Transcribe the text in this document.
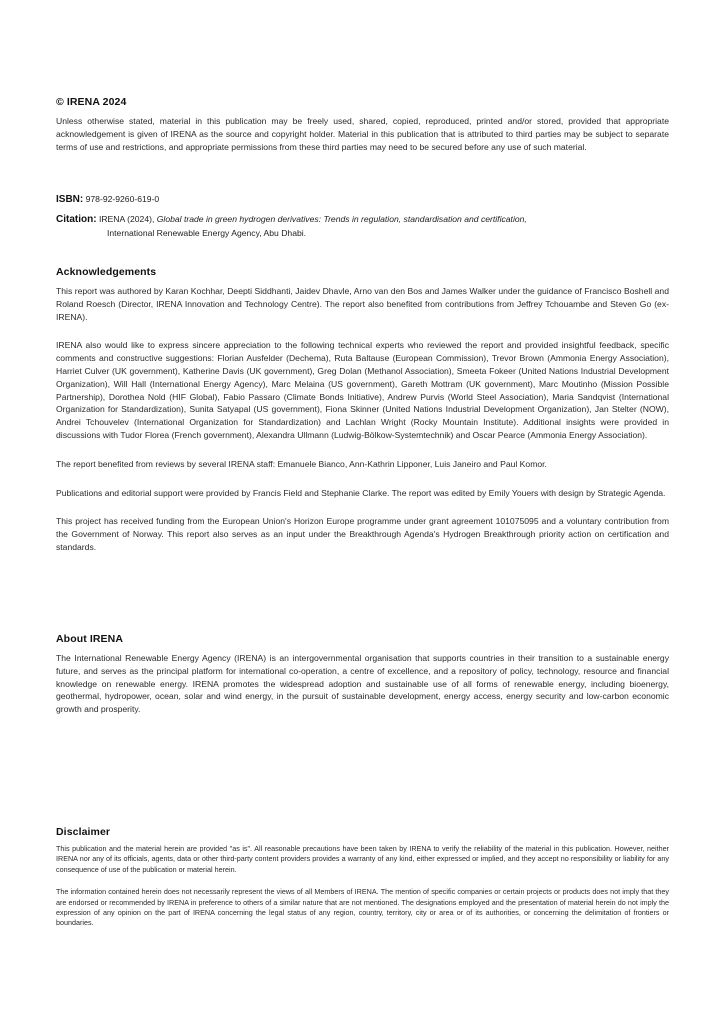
© IRENA 2024

Unless otherwise stated, material in this publication may be freely used, shared, copied, reproduced, printed and/or stored, provided that appropriate acknowledgement is given of IRENA as the source and copyright holder. Material in this publication that is attributed to third parties may be subject to separate terms of use and restrictions, and appropriate permissions from these third parties may need to be secured before any use of such material.

ISBN: 978-92-9260-619-0
Citation: IRENA (2024), Global trade in green hydrogen derivatives: Trends in regulation, standardisation and certification,
International Renewable Energy Agency, Abu Dhabi.
Acknowledgements

This report was authored by Karan Kochhar, Deepti Siddhanti, Jaidev Dhavle, Arno van den Bos and James Walker under the guidance of Francisco Boshell and Roland Roesch (Director, IRENA Innovation and Technology Centre). The report also benefited from contributions from Jeffrey Tchouambe and Steven Go (ex-IRENA).

IRENA also would like to express sincere appreciation to the following technical experts who reviewed the report and provided insightful feedback, specific comments and constructive suggestions: Florian Ausfelder (Dechema), Ruta Baltause (European Commission), Trevor Brown (Ammonia Energy Association), Harriet Culver (UK government), Katherine Davis (UK government), Greg Dolan (Methanol Association), Smeeta Fokeer (United Nations Industrial Development Organization), Will Hall (International Energy Agency), Marc Melaina (US government), Gareth Mottram (UK government), Marc Moutinho (Mission Possible Partnership), Dorothea Nold (HIF Global), Fabio Passaro (Climate Bonds Initiative), Andrew Purvis (World Steel Association), Maria Sandqvist (International Organization for Standardization), Sunita Satyapal (US government), Fiona Skinner (United Nations Industrial Development Organization), Jan Stelter (NOW), Andrei Tchouvelev (International Organization for Standardization) and Lachlan Wright (Rocky Mountain Institute). Additional insights were provided in discussions with Tudor Florea (French government), Alexandra Ullmann (Ludwig-Bölkow-Systemtechnik) and Oscar Pearce (Ammonia Energy Association).

The report benefited from reviews by several IRENA staff: Emanuele Bianco, Ann-Kathrin Lipponer, Luis Janeiro and Paul Komor.

Publications and editorial support were provided by Francis Field and Stephanie Clarke. The report was edited by Emily Youers with design by Strategic Agenda.

This project has received funding from the European Union's Horizon Europe programme under grant agreement 101075095 and a voluntary contribution from the Government of Norway. This report also serves as an input under the Breakthrough Agenda's Hydrogen Breakthrough priority action on certification and standards.

About IRENA

The International Renewable Energy Agency (IRENA) is an intergovernmental organisation that supports countries in their transition to a sustainable energy future, and serves as the principal platform for international co-operation, a centre of excellence, and a repository of policy, technology, resource and financial knowledge on renewable energy. IRENA promotes the widespread adoption and sustainable use of all forms of renewable energy, including bioenergy, geothermal, hydropower, ocean, solar and wind energy, in the pursuit of sustainable development, energy access, energy security and low-carbon economic growth and prosperity.

Disclaimer

This publication and the material herein are provided "as is". All reasonable precautions have been taken by IRENA to verify the reliability of the material in this publication. However, neither IRENA nor any of its officials, agents, data or other third-party content providers provides a warranty of any kind, either expressed or implied, and they accept no responsibility or liability for any consequence of use of the publication or material herein.

The information contained herein does not necessarily represent the views of all Members of IRENA. The mention of specific companies or certain projects or products does not imply that they are endorsed or recommended by IRENA in preference to others of a similar nature that are not mentioned. The designations employed and the presentation of material herein do not imply the expression of any opinion on the part of IRENA concerning the legal status of any region, country, territory, city or area or of its authorities, or concerning the delimitation of frontiers or boundaries.
